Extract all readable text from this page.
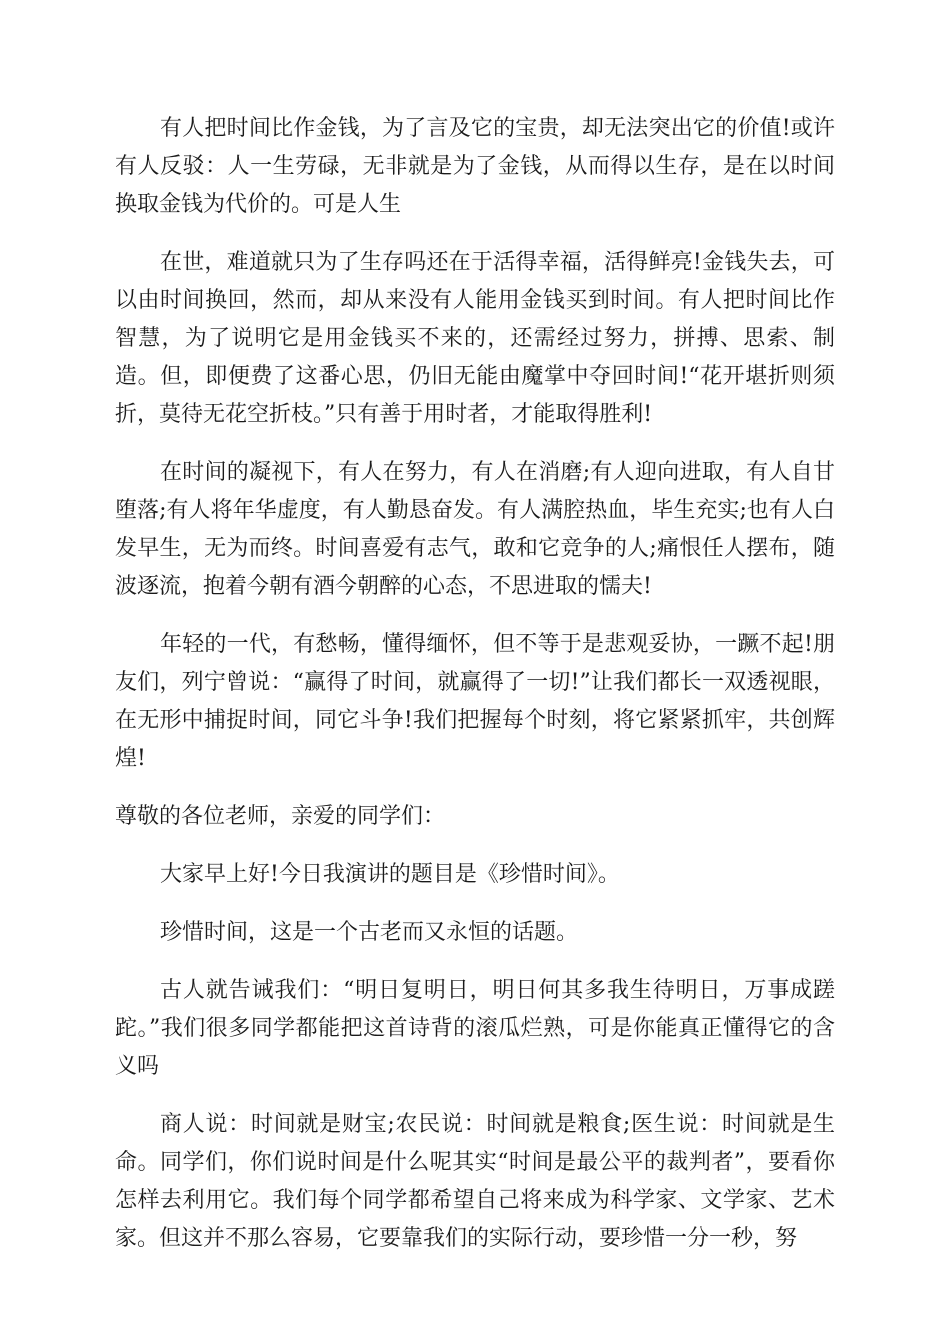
有人把时间比作金钱，为了言及它的宝贵，却无法突出它的价值!或许有人反驳：人一生劳碌，无非就是为了金钱，从而得以生存，是在以时间换取金钱为代价的。可是人生

在世，难道就只为了生存吗还在于活得幸福，活得鲜亮!金钱失去，可以由时间换回，然而，却从来没有人能用金钱买到时间。有人把时间比作智慧，为了说明它是用金钱买不来的，还需经过努力，拼搏、思索、制造。但，即便费了这番心思，仍旧无能由魔掌中夺回时间!“花开堪折则须折，莫待无花空折枝。”只有善于用时者，才能取得胜利!

在时间的凝视下，有人在努力，有人在消磨;有人迎向进取，有人自甘堕落;有人将年华虚度，有人勤恳奋发。有人满腔热血，毕生充实;也有人白发早生，无为而终。时间喜爱有志气，敢和它竞争的人;痛恨任人摆布，随波逐流，抱着今朝有酒今朝醉的心态，不思进取的懦夫!

年轻的一代，有愁畅，懂得缅怀，但不等于是悲观妥协，一蹶不起!朋友们，列宁曾说：“赢得了时间，就赢得了一切!”让我们都长一双透视眼，在无形中捕捉时间，同它斗争!我们把握每个时刻，将它紧紧抓牢，共创辉煌!

尊敬的各位老师，亲爱的同学们：

大家早上好!今日我演讲的题目是《珍惜时间》。

珍惜时间，这是一个古老而又永恒的话题。

古人就告诫我们：“明日复明日，明日何其多我生待明日，万事成蹉跎。”我们很多同学都能把这首诗背的滚瓜烂熟，可是你能真正懂得它的含义吗

商人说：时间就是财宝;农民说：时间就是粮食;医生说：时间就是生命。同学们，你们说时间是什么呢其实“时间是最公平的裁判者”，要看你怎样去利用它。我们每个同学都希望自己将来成为科学家、文学家、艺术家。但这并不那么容易，它要靠我们的实际行动，要珍惜一分一秒，努
